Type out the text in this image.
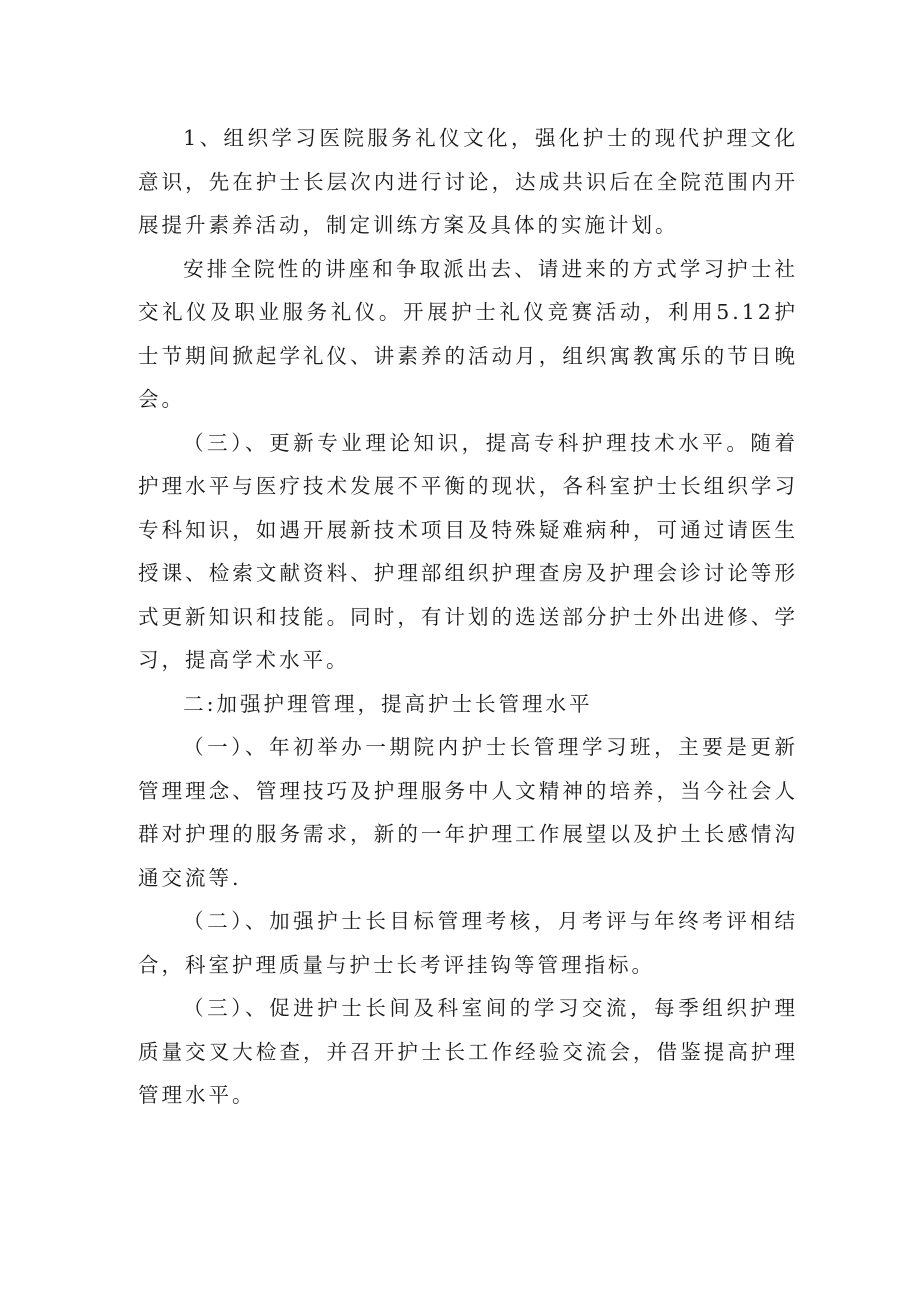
1、组织学习医院服务礼仪文化，强化护士的现代护理文化意识，先在护士长层次内进行讨论，达成共识后在全院范围内开展提升素养活动，制定训练方案及具体的实施计划。

安排全院性的讲座和争取派出去、请进来的方式学习护士社交礼仪及职业服务礼仪。开展护士礼仪竞赛活动，利用5.12护士节期间掀起学礼仪、讲素养的活动月，组织寓教寓乐的节日晚会。

（三）、更新专业理论知识，提高专科护理技术水平。随着护理水平与医疗技术发展不平衡的现状，各科室护士长组织学习专科知识，如遇开展新技术项目及特殊疑难病种，可通过请医生授课、检索文献资料、护理部组织护理查房及护理会诊讨论等形式更新知识和技能。同时，有计划的选送部分护士外出进修、学习，提高学术水平。

二:加强护理管理，提高护士长管理水平

（一）、年初举办一期院内护士长管理学习班，主要是更新管理理念、管理技巧及护理服务中人文精神的培养，当今社会人群对护理的服务需求，新的一年护理工作展望以及护土长感情沟通交流等.

（二）、加强护士长目标管理考核，月考评与年终考评相结合，科室护理质量与护士长考评挂钩等管理指标。

（三）、促进护士长间及科室间的学习交流，每季组织护理质量交叉大检查，并召开护士长工作经验交流会，借鉴提高护理管理水平。
